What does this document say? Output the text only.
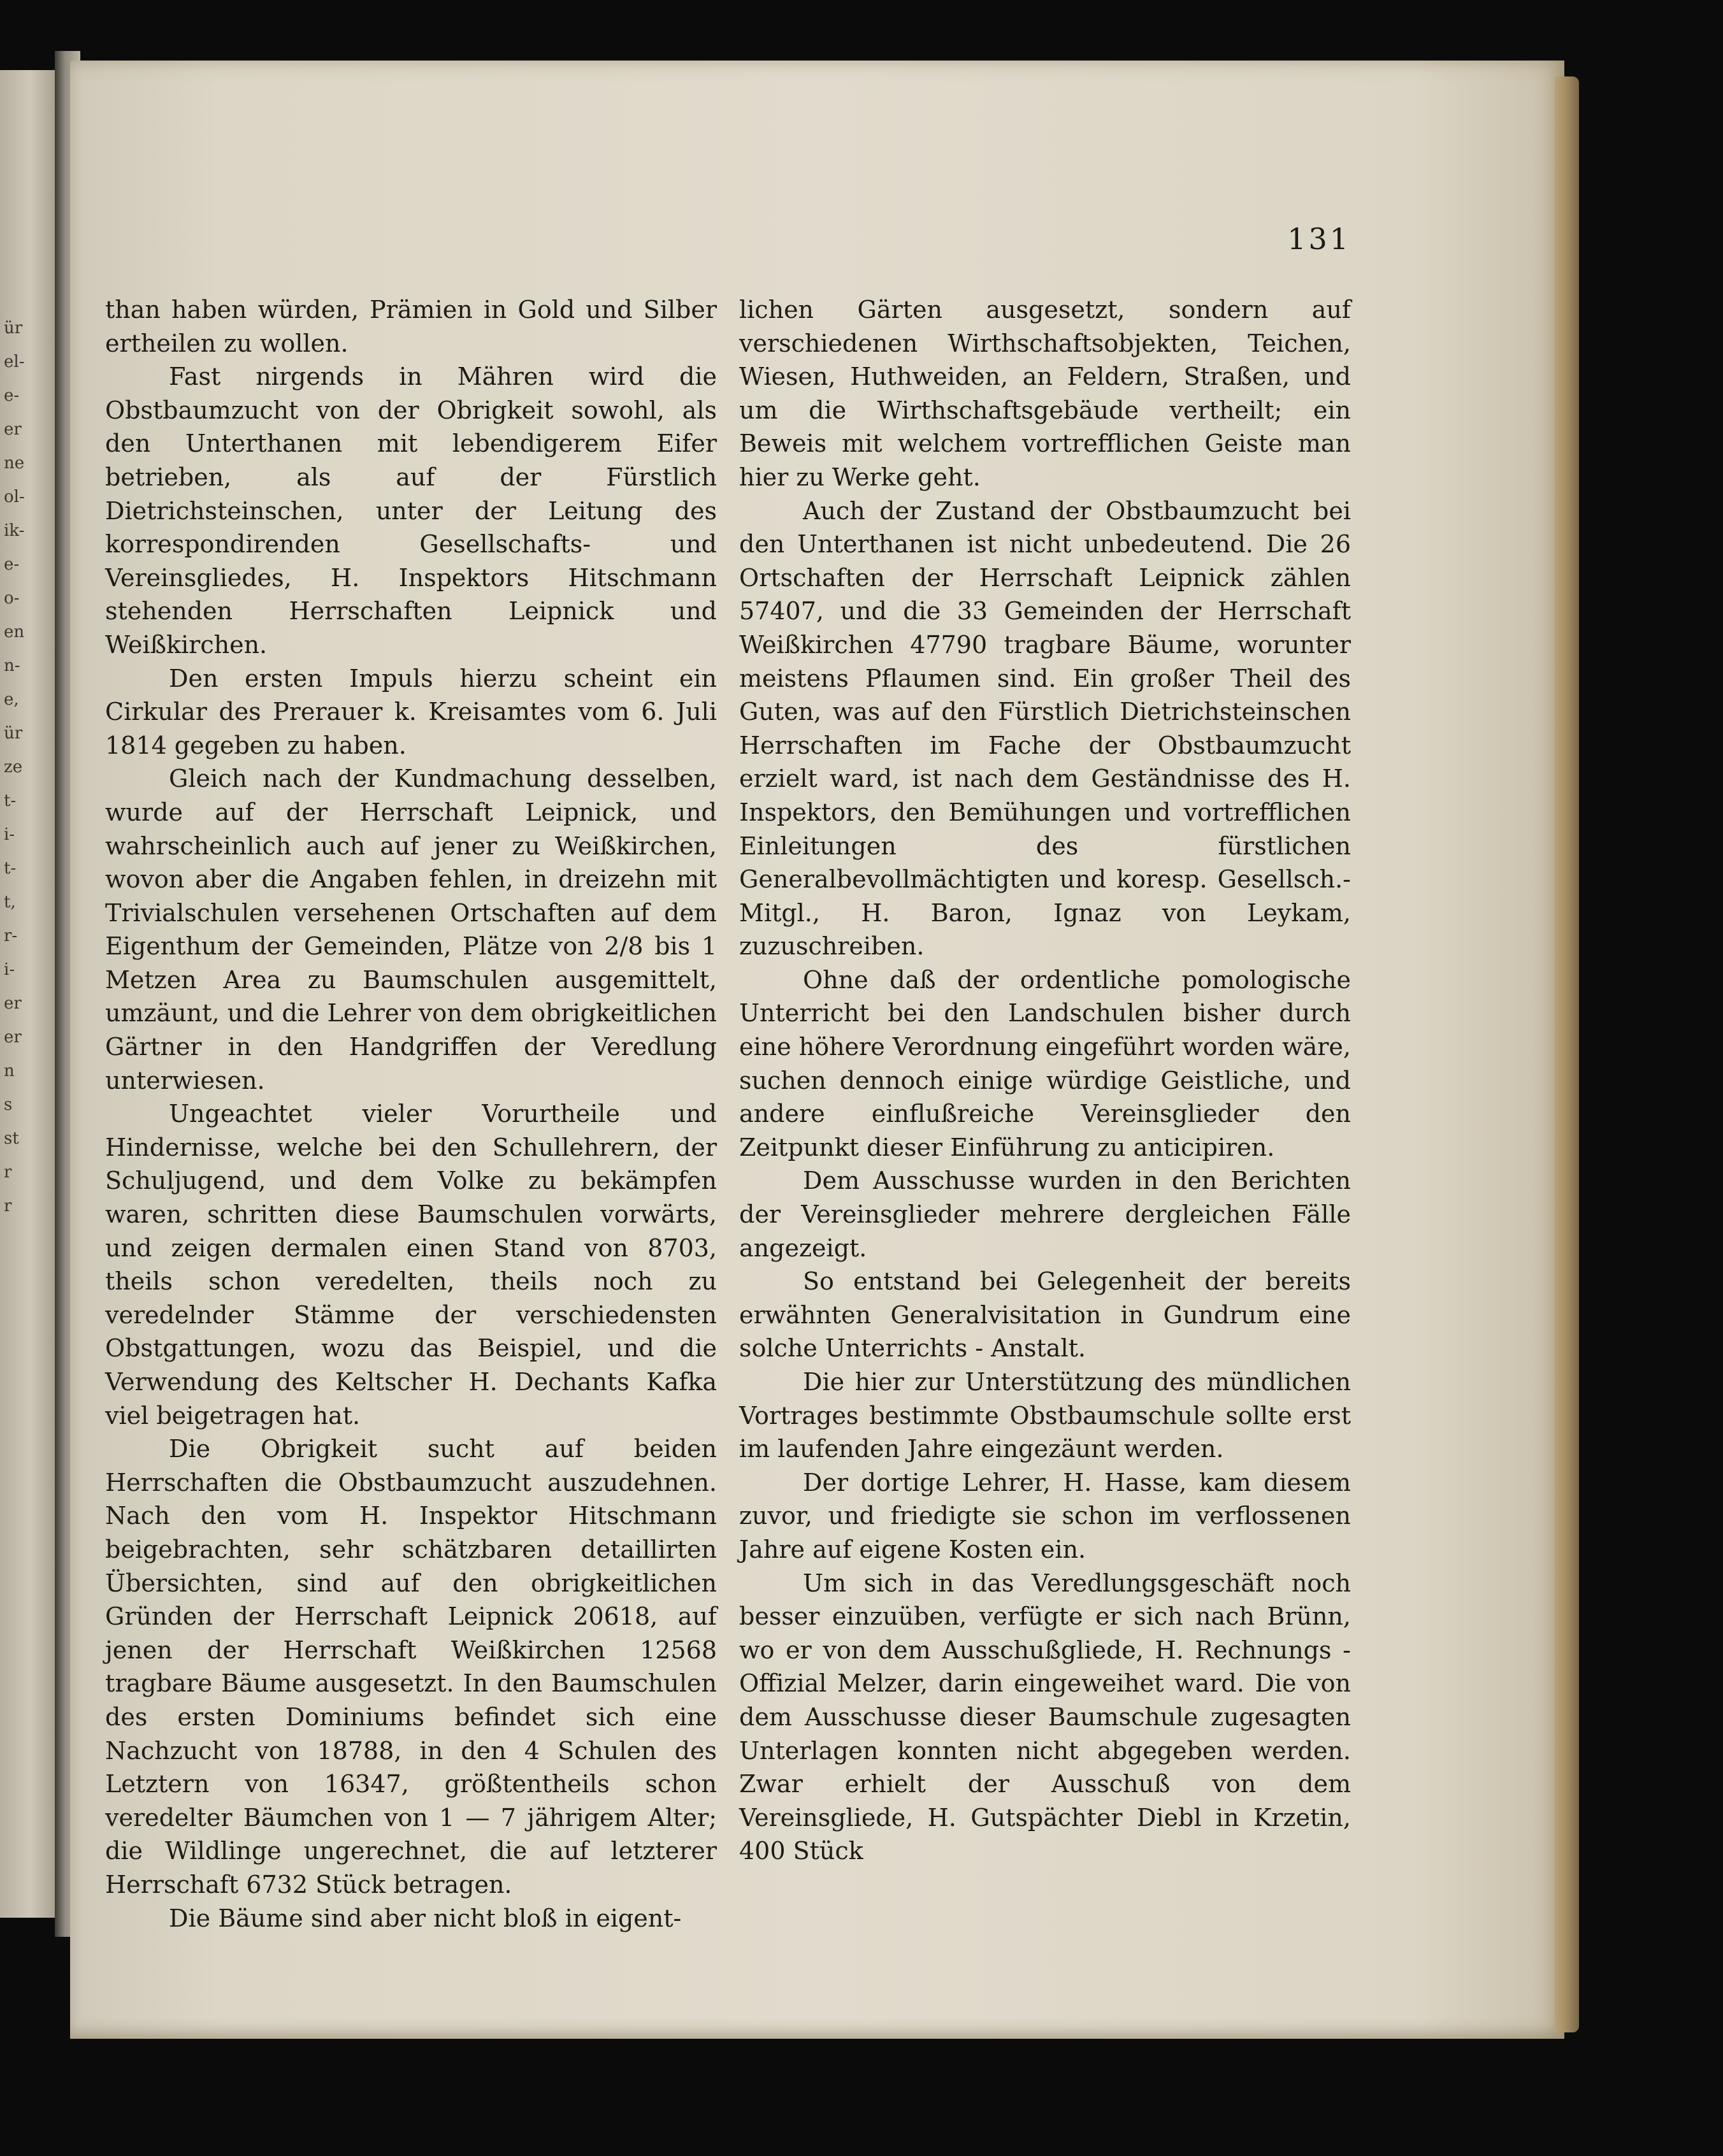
ür
el-
e-
er
ne
ol-
ik-
e-
o-
en
n-
e,
ür
ze
t-
i-
t-
t,
r-
i-
er
er
n
s
st
r
r
131

than haben würden, Prämien in Gold und Silber ertheilen zu wollen.

Fast nirgends in Mähren wird die Obstbaumzucht von der Obrigkeit sowohl, als den Unterthanen mit lebendigerem Eifer betrieben, als auf der Fürstlich Dietrichsteinschen, unter der Leitung des korrespondirenden Gesellschafts- und Vereinsgliedes, H. Inspektors Hitschmann stehenden Herrschaften Leipnick und Weißkirchen.

Den ersten Impuls hierzu scheint ein Cirkular des Prerauer k. Kreisamtes vom 6. Juli 1814 gegeben zu haben.

Gleich nach der Kundmachung desselben, wurde auf der Herrschaft Leipnick, und wahrscheinlich auch auf jener zu Weißkirchen, wovon aber die Angaben fehlen, in dreizehn mit Trivialschulen versehenen Ortschaften auf dem Eigenthum der Gemeinden, Plätze von 2/8 bis 1 Metzen Area zu Baumschulen ausgemittelt, umzäunt, und die Lehrer von dem obrigkeitlichen Gärtner in den Handgriffen der Veredlung unterwiesen.

Ungeachtet vieler Vorurtheile und Hindernisse, welche bei den Schullehrern, der Schuljugend, und dem Volke zu bekämpfen waren, schritten diese Baumschulen vorwärts, und zeigen dermalen einen Stand von 8703, theils schon veredelten, theils noch zu veredelnder Stämme der verschiedensten Obstgattungen, wozu das Beispiel, und die Verwendung des Keltscher H. Dechants Kafka viel beigetragen hat.

Die Obrigkeit sucht auf beiden Herrschaften die Obstbaumzucht auszudehnen. Nach den vom H. Inspektor Hitschmann beigebrachten, sehr schätzbaren detaillirten Übersichten, sind auf den obrigkeitlichen Gründen der Herrschaft Leipnick 20618, auf jenen der Herrschaft Weißkirchen 12568 tragbare Bäume ausgesetzt. In den Baumschulen des ersten Dominiums befindet sich eine Nachzucht von 18788, in den 4 Schulen des Letztern von 16347, größtentheils schon veredelter Bäumchen von 1 — 7 jährigem Alter; die Wildlinge ungerechnet, die auf letzterer Herrschaft 6732 Stück betragen.

Die Bäume sind aber nicht bloß in eigent-

lichen Gärten ausgesetzt, sondern auf verschiedenen Wirthschaftsobjekten, Teichen, Wiesen, Huthweiden, an Feldern, Straßen, und um die Wirthschaftsgebäude vertheilt; ein Beweis mit welchem vortrefflichen Geiste man hier zu Werke geht.

Auch der Zustand der Obstbaumzucht bei den Unterthanen ist nicht unbedeutend. Die 26 Ortschaften der Herrschaft Leipnick zählen 57407, und die 33 Gemeinden der Herrschaft Weißkirchen 47790 tragbare Bäume, worunter meistens Pflaumen sind. Ein großer Theil des Guten, was auf den Fürstlich Dietrichsteinschen Herrschaften im Fache der Obstbaumzucht erzielt ward, ist nach dem Geständnisse des H. Inspektors, den Bemühungen und vortrefflichen Einleitungen des fürstlichen Generalbevollmächtigten und koresp. Gesellsch.- Mitgl., H. Baron, Ignaz von Leykam, zuzuschreiben.

Ohne daß der ordentliche pomologische Unterricht bei den Landschulen bisher durch eine höhere Verordnung eingeführt worden wäre, suchen dennoch einige würdige Geistliche, und andere einflußreiche Vereinsglieder den Zeitpunkt dieser Einführung zu anticipiren.

Dem Ausschusse wurden in den Berichten der Vereinsglieder mehrere dergleichen Fälle angezeigt.

So entstand bei Gelegenheit der bereits erwähnten Generalvisitation in Gundrum eine solche Unterrichts - Anstalt.

Die hier zur Unterstützung des mündlichen Vortrages bestimmte Obstbaumschule sollte erst im laufenden Jahre eingezäunt werden.

Der dortige Lehrer, H. Hasse, kam diesem zuvor, und friedigte sie schon im verflossenen Jahre auf eigene Kosten ein.

Um sich in das Veredlungsgeschäft noch besser einzuüben, verfügte er sich nach Brünn, wo er von dem Ausschußgliede, H. Rechnungs - Offizial Melzer, darin eingeweihet ward. Die von dem Ausschusse dieser Baumschule zugesagten Unterlagen konnten nicht abgegeben werden. Zwar erhielt der Ausschuß von dem Vereinsgliede, H. Gutspächter Diebl in Krzetin, 400 Stück
